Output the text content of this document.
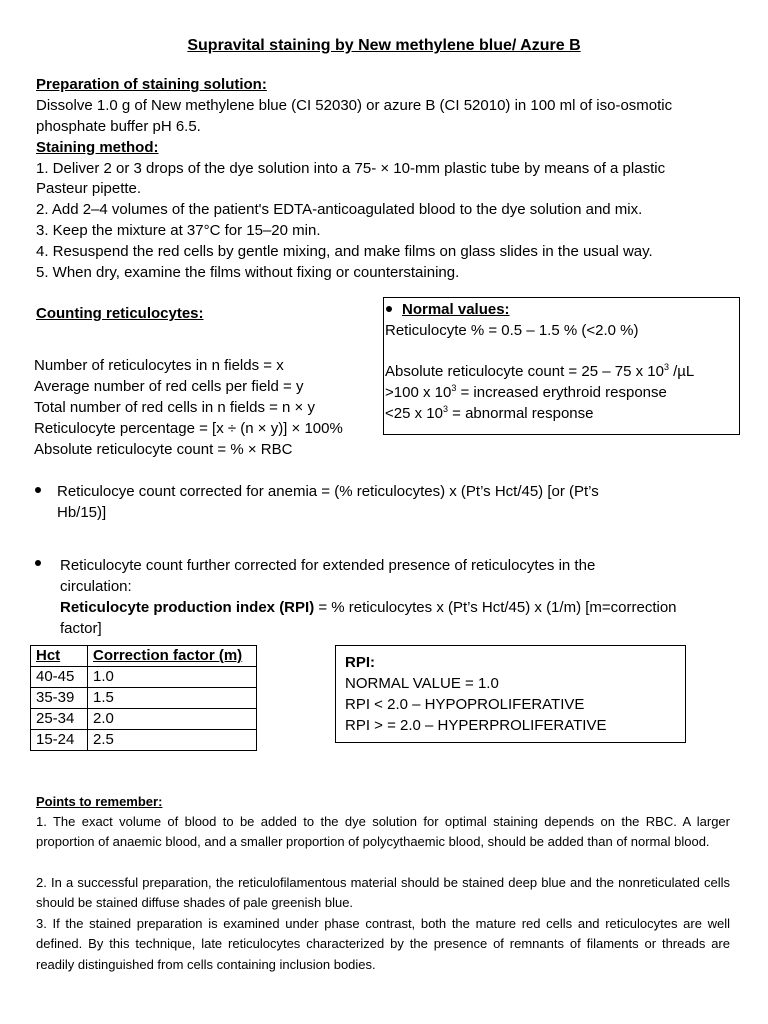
Supravital staining by New methylene blue/ Azure B
Preparation of staining solution:
Dissolve 1.0 g of New methylene blue (CI 52030) or azure B (CI 52010) in 100 ml of iso-osmotic
phosphate buffer pH 6.5.
Staining method:
1. Deliver 2 or 3 drops of the dye solution into a 75- × 10-mm plastic tube by means of a plastic
Pasteur pipette.
2. Add 2–4 volumes of the patient's EDTA-anticoagulated blood to the dye solution and mix.
3. Keep the mixture at 37°C for 15–20 min.
4. Resuspend the red cells by gentle mixing, and make films on glass slides in the usual way.
5. When dry, examine the films without fixing or counterstaining.
Counting reticulocytes:
Number of reticulocytes in n fields = x
Average number of red cells per field = y
Total number of red cells in n fields = n × y
Reticulocyte percentage = [x ÷ (n × y)] × 100%
Absolute reticulocyte count = % × RBC
Normal values:
Reticulocyte % = 0.5 – 1.5 % (<2.0 %)
Absolute reticulocyte count = 25 – 75 x $10^3$ /µL
>100 x $10^3$ = increased erythroid response
<25 x $10^3$ = abnormal response
Reticulocye count corrected for anemia = (% reticulocytes) x (Pt’s Hct/45) [or (Pt’s
Hb/15)]
Reticulocyte count further corrected for extended presence of reticulocytes in the
circulation:
Reticulocyte production index (RPI) = % reticulocytes x (Pt’s Hct/45) x (1/m) [m=correction
factor]
Hct	Correction factor (m)
40-45	1.0
35-39	1.5
25-34	2.0
15-24	2.5
RPI:
NORMAL VALUE = 1.0
RPI < 2.0 – HYPOPROLIFERATIVE
RPI > = 2.0 – HYPERPROLIFERATIVE
Points to remember:
1. The exact volume of blood to be added to the dye solution for optimal staining depends on the RBC. A larger proportion of anaemic blood, and a smaller proportion of polycythaemic blood, should be added than of normal blood.
2. In a successful preparation, the reticulofilamentous material should be stained deep blue and the nonreticulated cells should be stained diffuse shades of pale greenish blue.
3. If the stained preparation is examined under phase contrast, both the mature red cells and reticulocytes are well defined. By this technique, late reticulocytes characterized by the presence of remnants of filaments or threads are readily distinguished from cells containing inclusion bodies.
